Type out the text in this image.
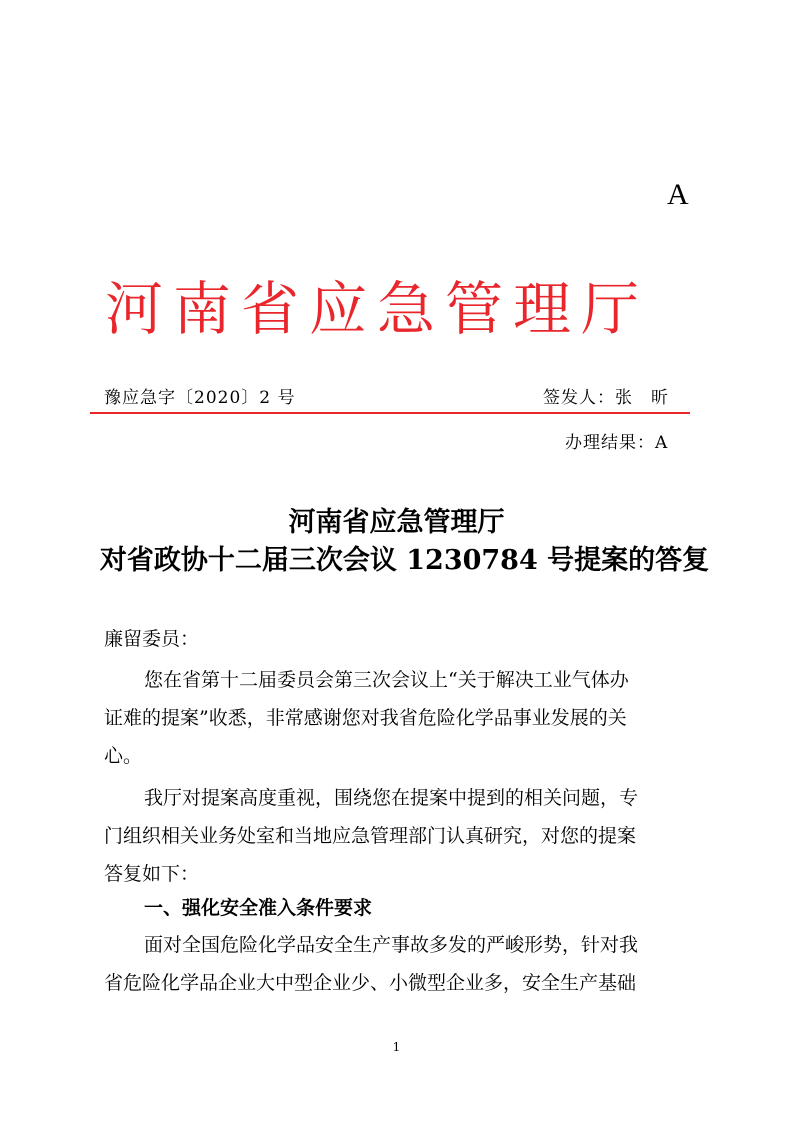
A
河南省应急管理厅
豫应急字〔2020〕2 号	签发人：张　昕
办理结果：A
河南省应急管理厅
对省政协十二届三次会议 1230784 号提案的答复
廉留委员：
您在省第十二届委员会第三次会议上“关于解决工业气体办
证难的提案”收悉，非常感谢您对我省危险化学品事业发展的关
心。
我厅对提案高度重视，围绕您在提案中提到的相关问题，专
门组织相关业务处室和当地应急管理部门认真研究，对您的提案
答复如下：
一、强化安全准入条件要求
面对全国危险化学品安全生产事故多发的严峻形势，针对我
省危险化学品企业大中型企业少、小微型企业多，安全生产基础
1
